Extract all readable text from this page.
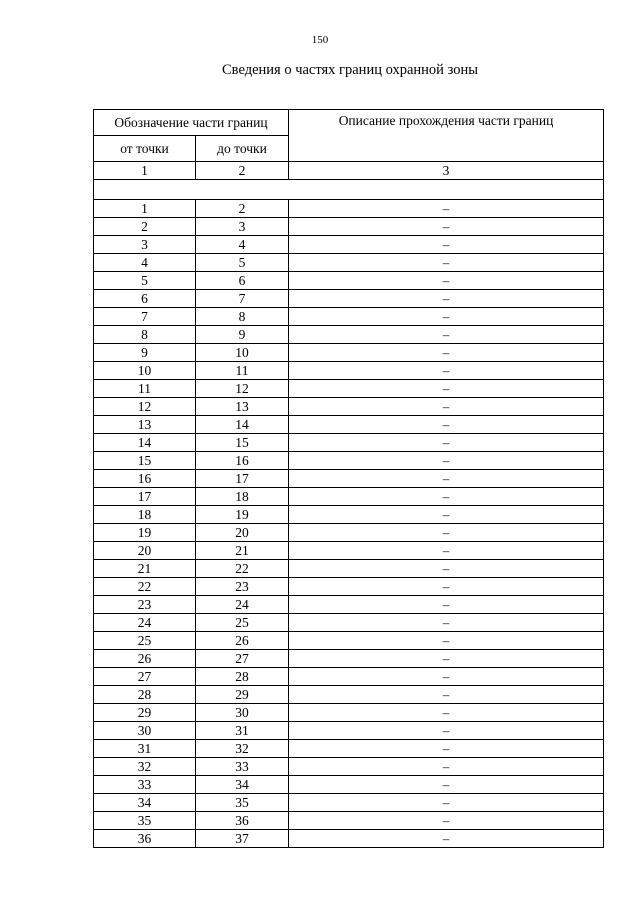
150
Сведения о частях границ охранной зоны
Обозначение части границ		Описание прохождения части границ
от точки	до точки	
1	2	3

1	2	–
2	3	–
3	4	–
4	5	–
5	6	–
6	7	–
7	8	–
8	9	–
9	10	–
10	11	–
11	12	–
12	13	–
13	14	–
14	15	–
15	16	–
16	17	–
17	18	–
18	19	–
19	20	–
20	21	–
21	22	–
22	23	–
23	24	–
24	25	–
25	26	–
26	27	–
27	28	–
28	29	–
29	30	–
30	31	–
31	32	–
32	33	–
33	34	–
34	35	–
35	36	–
36	37	–
